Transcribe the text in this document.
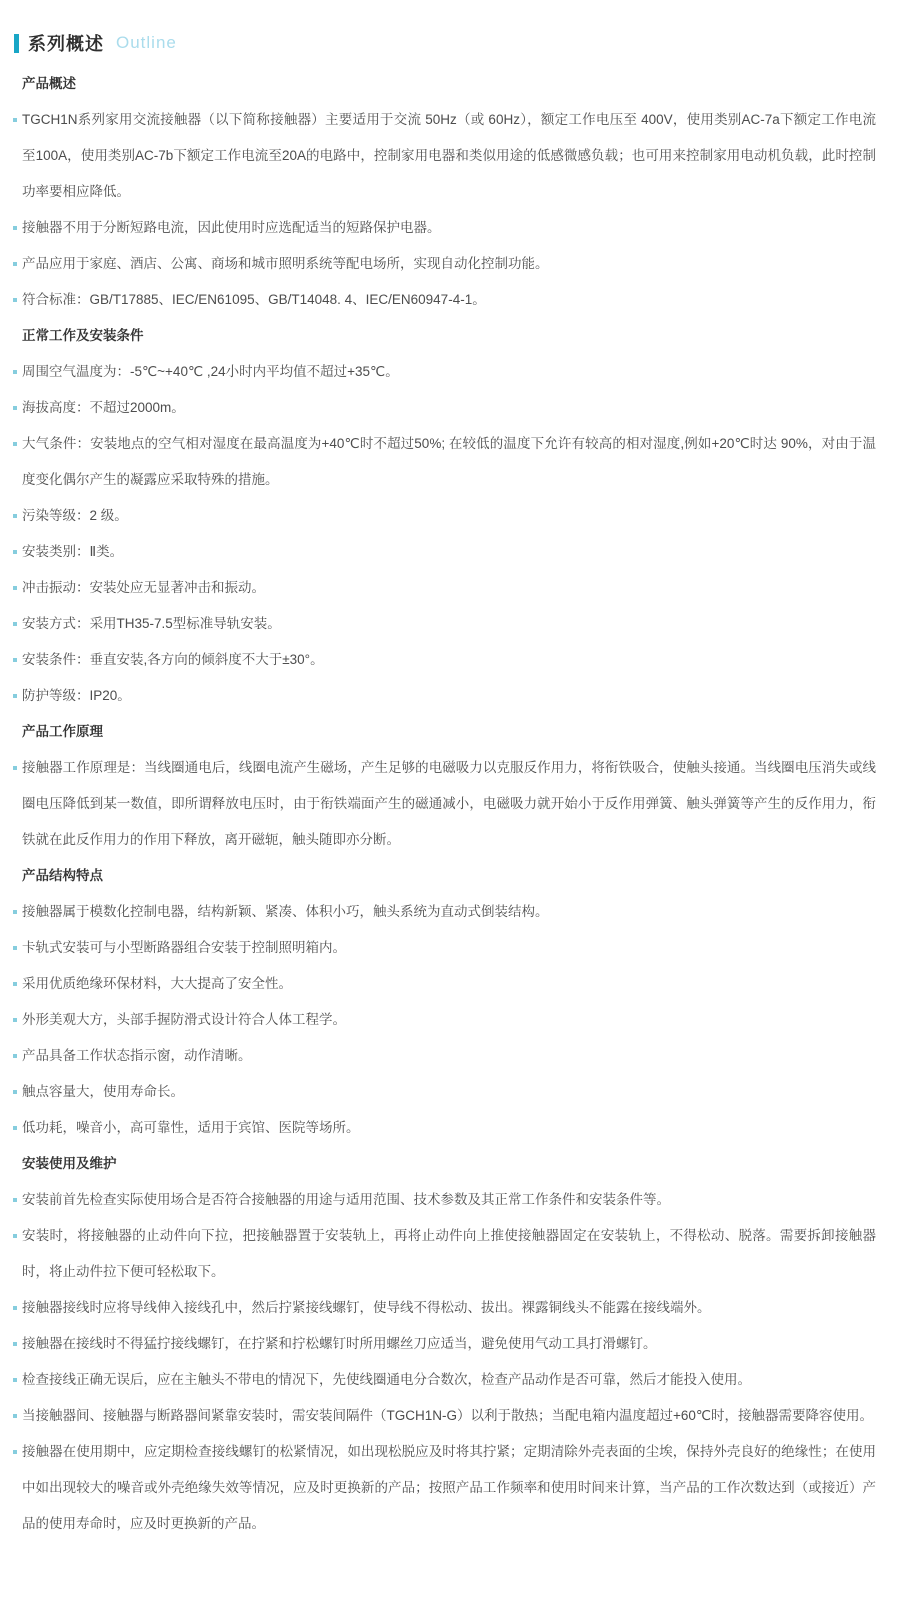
系列概述 Outline
产品概述
TGCH1N系列家用交流接触器（以下简称接触器）主要适用于交流 50Hz（或 60Hz），额定工作电压至 400V，使用类别AC-7a下额定工作电流至100A，使用类别AC-7b下额定工作电流至20A的电路中，控制家用电器和类似用途的低感微感负载；也可用来控制家用电动机负载，此时控制功率要相应降低。
接触器不用于分断短路电流，因此使用时应选配适当的短路保护电器。
产品应用于家庭、酒店、公寓、商场和城市照明系统等配电场所，实现自动化控制功能。
符合标准：GB/T17885、IEC/EN61095、GB/T14048. 4、IEC/EN60947-4-1。
正常工作及安装条件
周围空气温度为：-5℃~+40℃ ,24小时内平均值不超过+35℃。
海拔高度：不超过2000m。
大气条件：安装地点的空气相对湿度在最高温度为+40℃时不超过50%; 在较低的温度下允许有较高的相对湿度,例如+20℃时达 90%，对由于温度变化偶尔产生的凝露应采取特殊的措施。
污染等级：2 级。
安装类别：Ⅱ类。
冲击振动：安装处应无显著冲击和振动。
安装方式：采用TH35-7.5型标准导轨安装。
安装条件：垂直安装,各方向的倾斜度不大于±30°。
防护等级：IP20。
产品工作原理
接触器工作原理是：当线圈通电后，线圈电流产生磁场，产生足够的电磁吸力以克服反作用力，将衔铁吸合，使触头接通。当线圈电压消失或线圈电压降低到某一数值，即所谓释放电压时，由于衔铁端面产生的磁通减小，电磁吸力就开始小于反作用弹簧、触头弹簧等产生的反作用力，衔铁就在此反作用力的作用下释放，离开磁轭，触头随即亦分断。
产品结构特点
接触器属于模数化控制电器，结构新颖、紧凑、体积小巧，触头系统为直动式倒装结构。
卡轨式安装可与小型断路器组合安装于控制照明箱内。
采用优质绝缘环保材料，大大提高了安全性。
外形美观大方，头部手握防滑式设计符合人体工程学。
产品具备工作状态指示窗，动作清晰。
触点容量大，使用寿命长。
低功耗，噪音小，高可靠性，适用于宾馆、医院等场所。
安装使用及维护
安装前首先检查实际使用场合是否符合接触器的用途与适用范围、技术参数及其正常工作条件和安装条件等。
安装时，将接触器的止动件向下拉，把接触器置于安装轨上，再将止动件向上推使接触器固定在安装轨上，不得松动、脱落。需要拆卸接触器时，将止动件拉下便可轻松取下。
接触器接线时应将导线伸入接线孔中，然后拧紧接线螺钉，使导线不得松动、拔出。裸露铜线头不能露在接线端外。
接触器在接线时不得猛拧接线螺钉，在拧紧和拧松螺钉时所用螺丝刀应适当，避免使用气动工具打滑螺钉。
检查接线正确无误后，应在主触头不带电的情况下，先使线圈通电分合数次，检查产品动作是否可靠，然后才能投入使用。
当接触器间、接触器与断路器间紧靠安装时，需安装间隔件（TGCH1N-G）以利于散热；当配电箱内温度超过+60℃时，接触器需要降容使用。
接触器在使用期中，应定期检查接线螺钉的松紧情况，如出现松脱应及时将其拧紧；定期清除外壳表面的尘埃，保持外壳良好的绝缘性；在使用中如出现较大的噪音或外壳绝缘失效等情况，应及时更换新的产品；按照产品工作频率和使用时间来计算，当产品的工作次数达到（或接近）产品的使用寿命时，应及时更换新的产品。
